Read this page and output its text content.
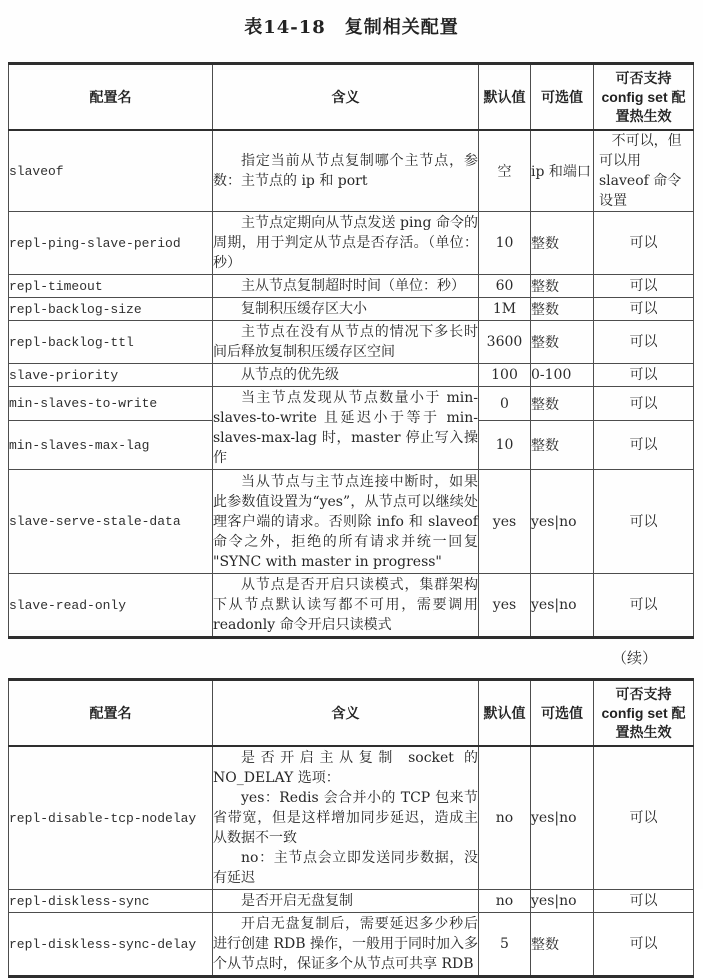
表14-18　复制相关配置
配置名	含义	默认值	可选值	可否支持 config set 配置热生效
slaveof	指定当前从节点复制哪个主节点，参数：主节点的 ip 和 port	空	ip 和端口	不可以，但可以用 slaveof 命令设置
repl-ping-slave-period	主节点定期向从节点发送 ping 命令的周期，用于判定从节点是否存活。（单位：秒）	10	整数	可以
repl-timeout	主从节点复制超时时间（单位：秒）	60	整数	可以
repl-backlog-size	复制积压缓存区大小	1M	整数	可以
repl-backlog-ttl	主节点在没有从节点的情况下多长时间后释放复制积压缓存区空间	3600	整数	可以
slave-priority	从节点的优先级	100	0-100	可以
min-slaves-to-write	当主节点发现从节点数量小于 min-slaves-to-write 且延迟小于等于 min-slaves-max-lag 时，master 停止写入操作	0	整数	可以
min-slaves-max-lag		10	整数	可以
slave-serve-stale-data	当从节点与主节点连接中断时，如果此参数值设置为“yes”，从节点可以继续处理客户端的请求。否则除 info 和 slaveof 命令之外，拒绝的所有请求并统一回复 "SYNC with master in progress"	yes	yes|no	可以
slave-read-only	从节点是否开启只读模式，集群架构下从节点默认读写都不可用，需要调用 readonly 命令开启只读模式	yes	yes|no	可以
（续）
配置名	含义	默认值	可选值	可否支持 config set 配置热生效
repl-disable-tcp-nodelay	是否开启主从复制 socket 的 NO_DELAY 选项：

yes：Redis 会合并小的 TCP 包来节省带宽，但是这样增加同步延迟，造成主从数据不一致

no：主节点会立即发送同步数据，没有延迟	no	yes|no	可以
repl-diskless-sync	是否开启无盘复制	no	yes|no	可以
repl-diskless-sync-delay	开启无盘复制后，需要延迟多少秒后进行创建 RDB 操作，一般用于同时加入多个从节点时，保证多个从节点可共享 RDB	5	整数	可以
